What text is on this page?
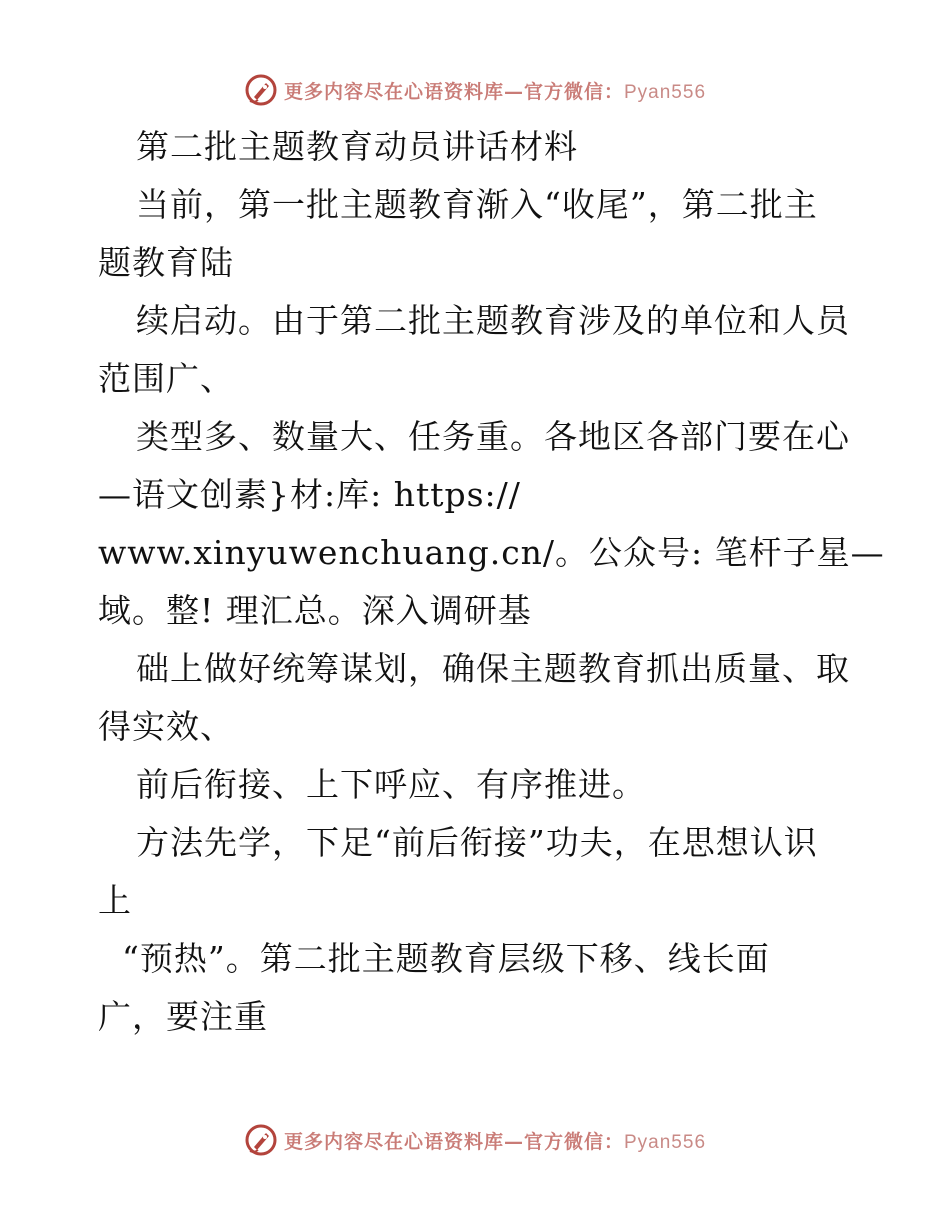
更多内容尽在心语资料库—官方微信：Pyan556
第二批主题教育动员讲话材料
当前，第一批主题教育渐入“收尾”，第二批主
题教育陆
续启动。由于第二批主题教育涉及的单位和人员
范围广、
类型多、数量大、任务重。各地区各部门要在心
—语文创素}材:库: https://
www.xinyuwenchuang.cn/。公众号: 笔杆子星—
域。整! 理汇总。深入调研基
础上做好统筹谋划，确保主题教育抓出质量、取
得实效、
前后衔接、上下呼应、有序推进。
方法先学，下足“前后衔接”功夫，在思想认识
上
“预热”。第二批主题教育层级下移、线长面
广，要注重
更多内容尽在心语资料库—官方微信：Pyan556
